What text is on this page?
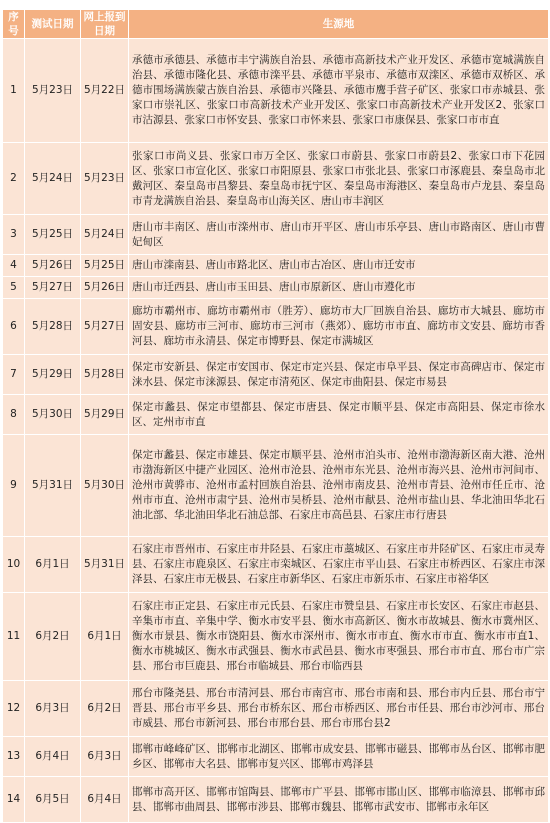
序号	测试日期	网上报到日期	生源地
1	5月23日	5月22日	承德市承德县、承德市丰宁满族自治县、承德市高新技术产业开发区、承德市宽城满族自治县、承德市隆化县、承德市滦平县、承德市平泉市、承德市双滦区、承德市双桥区、承德市围场满族蒙古族自治县、承德市兴隆县、承德市鹰手营子矿区、张家口市赤城县、张家口市崇礼区、张家口市高新技术产业开发区、张家口市高新技术产业开发区2、张家口市沽源县、张家口市怀安县、张家口市怀来县、张家口市康保县、张家口市市直
2	5月24日	5月23日	张家口市尚义县、张家口市万全区、张家口市蔚县、张家口市蔚县2、张家口市下花园区、张家口市宣化区、张家口市阳原县、张家口市张北县、张家口市涿鹿县、秦皇岛市北戴河区、秦皇岛市昌黎县、秦皇岛市抚宁区、秦皇岛市海港区、秦皇岛市卢龙县、秦皇岛市青龙满族自治县、秦皇岛市山海关区、唐山市丰润区
3	5月25日	5月24日	唐山市丰南区、唐山市滦州市、唐山市开平区、唐山市乐亭县、唐山市路南区、唐山市曹妃甸区
4	5月26日	5月25日	唐山市滦南县、唐山市路北区、唐山市古冶区、唐山市迁安市
5	5月27日	5月26日	唐山市迁西县、唐山市玉田县、唐山市原新区、唐山市遵化市
6	5月28日	5月27日	廊坊市霸州市、廊坊市霸州市（胜芳）、廊坊市大厂回族自治县、廊坊市大城县、廊坊市固安县、廊坊市三河市、廊坊市三河市（燕郊）、廊坊市市直、廊坊市文安县、廊坊市香河县、廊坊市永清县、保定市博野县、保定市满城区
7	5月29日	5月28日	保定市安新县、保定市安国市、保定市定兴县、保定市阜平县、保定市高碑店市、保定市涞水县、保定市涞源县、保定市清苑区、保定市曲阳县、保定市易县
8	5月30日	5月29日	保定市蠡县、保定市望都县、保定市唐县、保定市顺平县、保定市高阳县、保定市徐水区、定州市市直
9	5月31日	5月30日	保定市蠡县、保定市雄县、保定市顺平县、沧州市泊头市、沧州市渤海新区南大港、沧州市渤海新区中捷产业园区、沧州市沧县、沧州市东光县、沧州市海兴县、沧州市河间市、沧州市黄骅市、沧州市孟村回族自治县、沧州市南皮县、沧州市青县、沧州市任丘市、沧州市市直、沧州市肃宁县、沧州市吴桥县、沧州市献县、沧州市盐山县、华北油田华北石油北部、华北油田华北石油总部、石家庄市高邑县、石家庄市行唐县
10	6月1日	5月31日	石家庄市晋州市、石家庄市井陉县、石家庄市藁城区、石家庄市井陉矿区、石家庄市灵寿县、石家庄市鹿泉区、石家庄市栾城区、石家庄市平山县、石家庄市桥西区、石家庄市深泽县、石家庄市无极县、石家庄市新华区、石家庄市新乐市、石家庄市裕华区
11	6月2日	6月1日	石家庄市正定县、石家庄市元氏县、石家庄市赞皇县、石家庄市长安区、石家庄市赵县、辛集市市直、辛集中学、衡水市安平县、衡水市高新区、衡水市故城县、衡水市冀州区、衡水市景县、衡水市饶阳县、衡水市深州市、衡水市市直、衡水市市直、衡水市市直1、衡水市桃城区、衡水市武强县、衡水市武邑县、衡水市枣强县、邢台市市直、邢台市广宗县、邢台市巨鹿县、邢台市临城县、邢台市临西县
12	6月3日	6月2日	邢台市隆尧县、邢台市清河县、邢台市南宫市、邢台市南和县、邢台市内丘县、邢台市宁晋县、邢台市平乡县、邢台市桥东区、邢台市桥西区、邢台市任县、邢台市沙河市、邢台市威县、邢台市新河县、邢台市邢台县、邢台市邢台县2
13	6月4日	6月3日	邯郸市峰峰矿区、邯郸市北湖区、邯郸市成安县、邯郸市磁县、邯郸市丛台区、邯郸市肥乡区、邯郸市大名县、邯郸市复兴区、邯郸市鸡泽县
14	6月5日	6月4日	邯郸市高开区、邯郸市馆陶县、邯郸市广平县、邯郸市邯山区、邯郸市临漳县、邯郸市邱县、邯郸市曲周县、邯郸市涉县、邯郸市魏县、邯郸市武安市、邯郸市永年区
